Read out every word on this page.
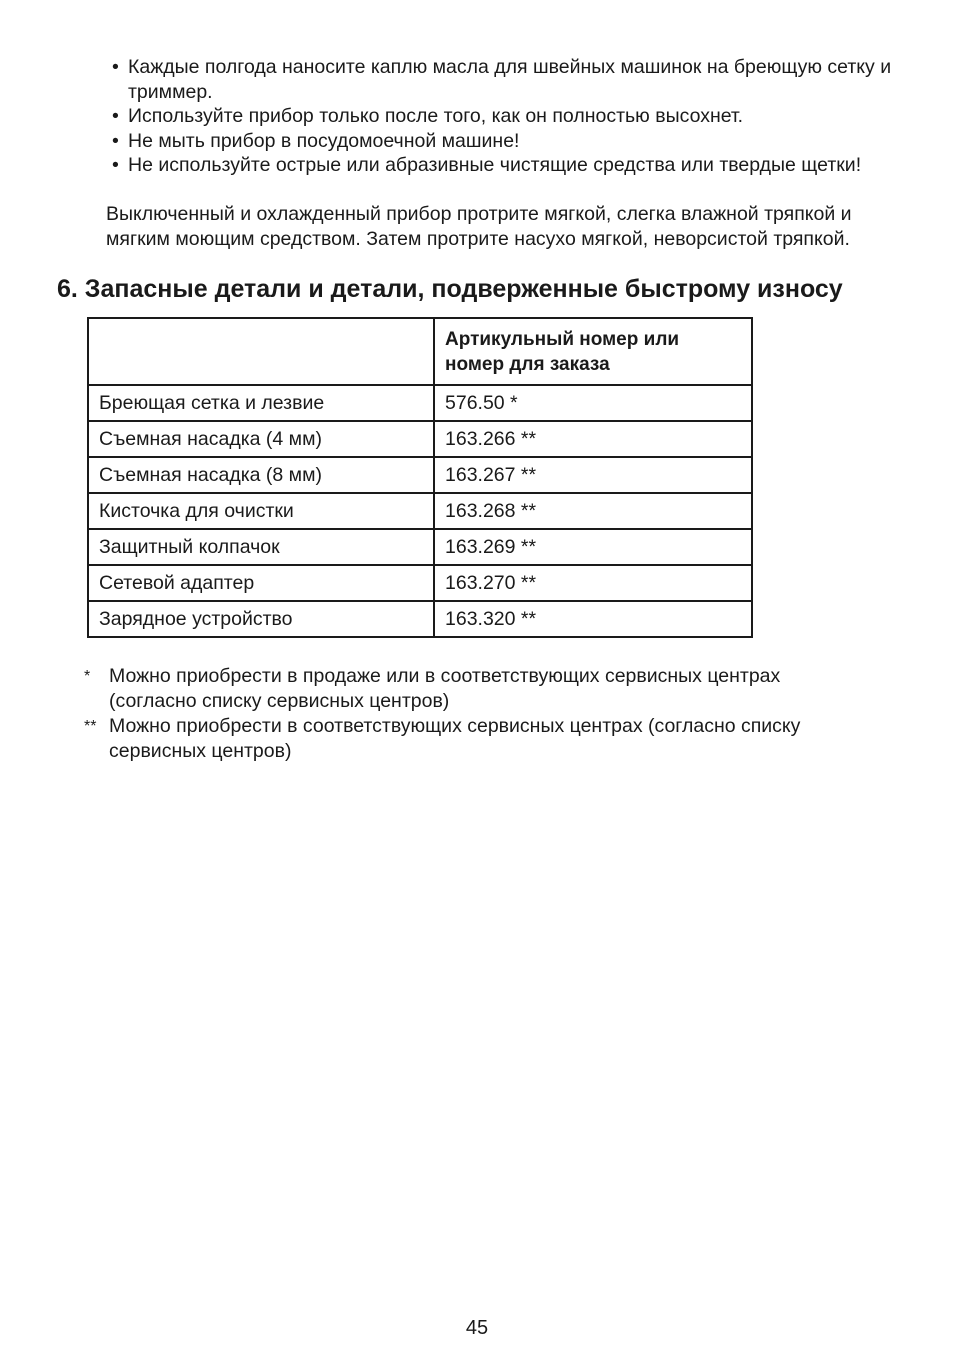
• Каждые полгода наносите каплю масла для швейных машинок на бреющую сетку и триммер.
• Используйте прибор только после того, как он полностью высохнет.
• Не мыть прибор в посудомоечной машине!
• Не используйте острые или абразивные чистящие средства или твердые щетки!

Выключенный и охлажденный прибор протрите мягкой, слегка влажной тряпкой и
мягким моющим средством. Затем протрите насухо мягкой, неворсистой тряпкой.

6. Запасные детали и детали, подверженные быстрому износу
	Артикульный номер или
номер для заказа
Бреющая сетка и лезвие	576.50 *
Съемная насадка (4 мм)	163.266 **
Съемная насадка (8 мм)	163.267 **
Кисточка для очистки	163.268 **
Защитный колпачок	163.269 **
Сетевой адаптер	163.270 **
Зарядное устройство	163.320 **

* Можно приобрести в продаже или в соответствующих сервисных центрах
(согласно списку сервисных центров)

** Можно приобрести в соответствующих сервисных центрах (согласно списку
сервисных центров)

45
